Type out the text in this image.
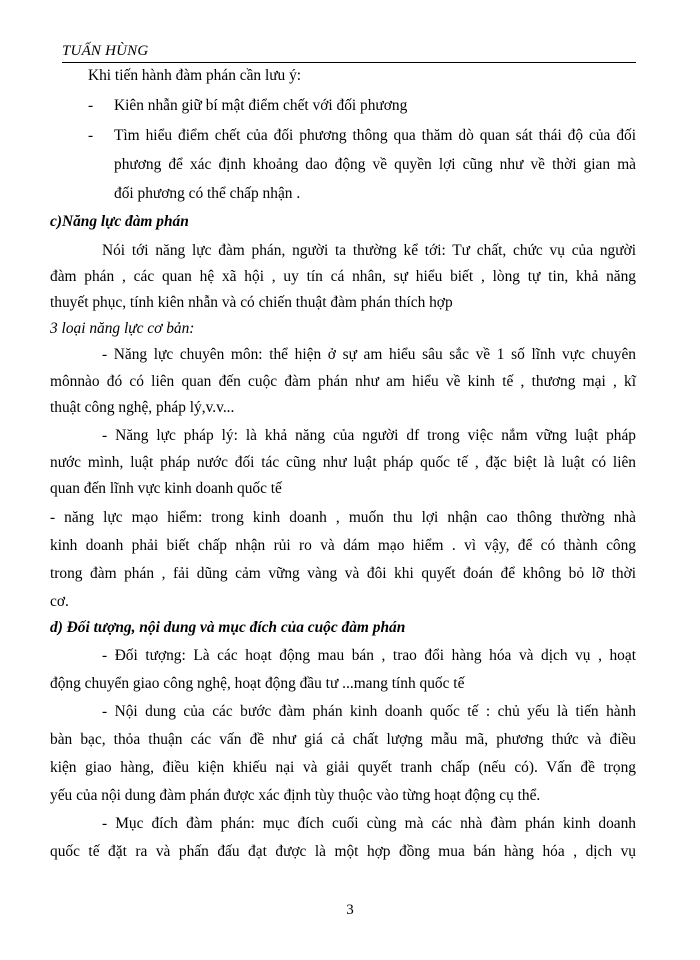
TUẤN HÙNG
Khi tiến hành đàm phán cần lưu ý:
- Kiên nhẫn giữ bí mật điểm chết với đối phương
- Tìm hiểu điểm chết của đối phương thông qua thăm dò quan sát thái độ của đối
phương để xác định khoảng dao động về quyền lợi cũng như về thời gian mà
đối phương có thể chấp nhận .
c)Năng lực đàm phán
Nói tới năng lực đàm phán, người ta thường kể tới: Tư chất, chức vụ của người
đàm phán , các quan hệ xã hội , uy tín cá nhân, sự hiểu biết , lòng tự tin, khả năng
thuyết phục, tính kiên nhẫn và có chiến thuật đàm phán thích hợp
3 loại năng lực cơ bản:
- Năng lực chuyên môn: thể hiện ở sự am hiểu sâu sắc về 1 số lĩnh vực chuyên
mônnào đó có liên quan đến cuộc đàm phán như am hiểu về kinh tế , thương mại , kĩ
thuật công nghệ, pháp lý,v.v...
- Năng lực pháp lý: là khả năng của người df trong việc nắm vững luật pháp
nước mình, luật pháp nước đối tác cũng như luật pháp quốc tế , đặc biệt là luật có liên
quan đến lĩnh vực kinh doanh quốc tế
- năng lực mạo hiểm: trong kinh doanh , muốn thu lợi nhận cao thông thường nhà
kinh doanh phải biết chấp nhận rủi ro và dám mạo hiểm . vì vậy, để có thành công
trong đàm phán , fải dũng cảm vững vàng và đôi khi quyết đoán để không bỏ lỡ thời
cơ.
d) Đối tượng, nội dung và mục đích của cuộc đàm phán
- Đối tượng: Là các hoạt động mau bán , trao đổi hàng hóa và dịch vụ , hoạt
động chuyển giao công nghệ, hoạt động đầu tư ...mang tính quốc tế
- Nội dung của các bước đàm phán kinh doanh quốc tế : chủ yếu là tiến hành
bàn bạc, thỏa thuận các vấn đề như giá cả chất lượng mẫu mã, phương thức và điều
kiện giao hàng, điều kiện khiếu nại và giải quyết tranh chấp (nếu có). Vấn đề trọng
yếu của nội dung đàm phán được xác định tùy thuộc vào từng hoạt động cụ thể.
- Mục đích đàm phán: mục đích cuối cùng mà các nhà đàm phán kinh doanh
quốc tế đặt ra và phấn đấu đạt được là một hợp đồng mua bán hàng hóa , dịch vụ
3
